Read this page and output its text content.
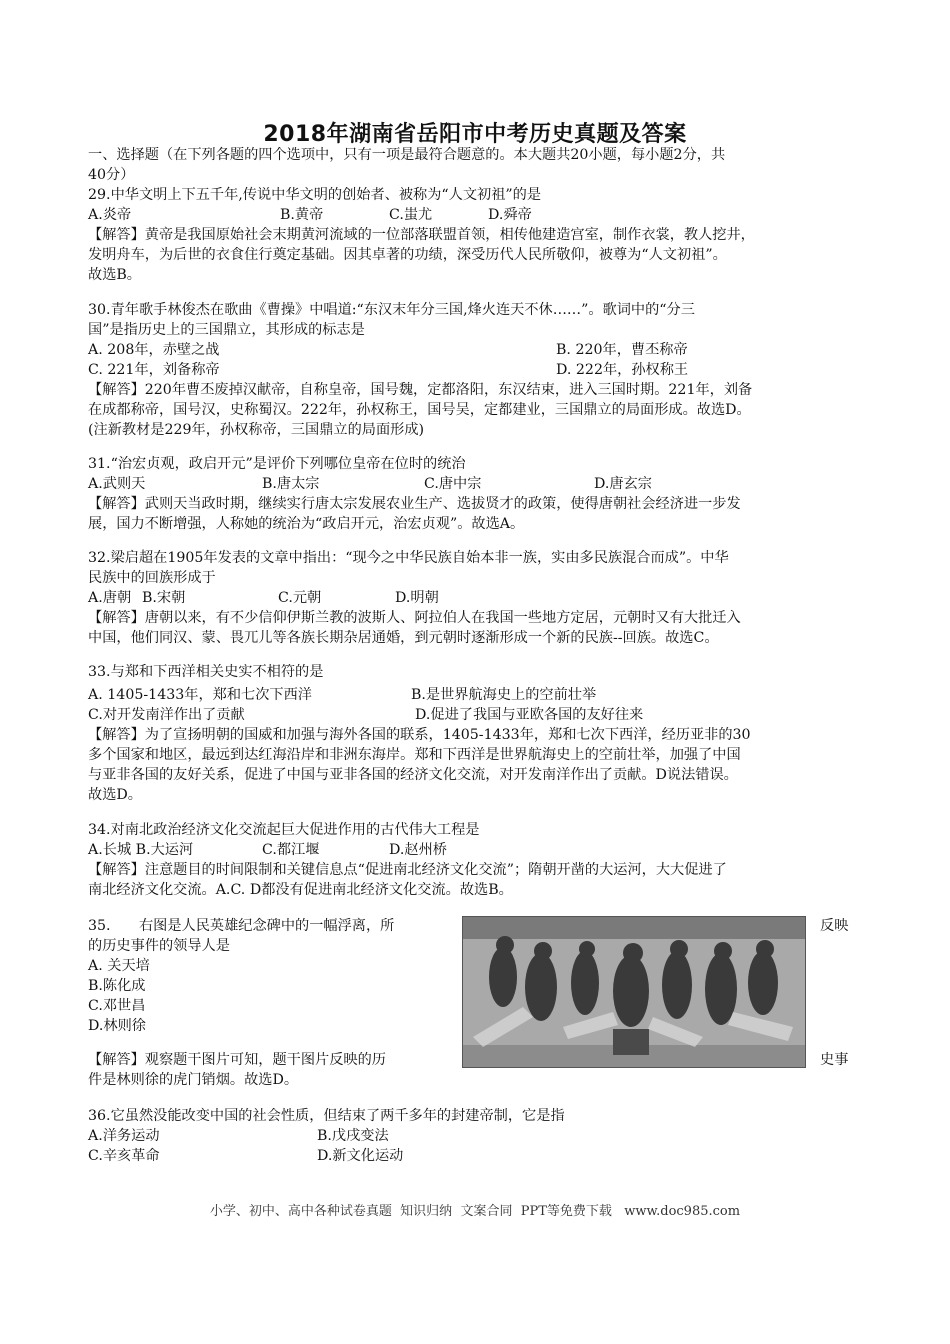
2018年湖南省岳阳市中考历史真题及答案
一、选择题（在下列各题的四个选项中，只有一项是最符合题意的。本大题共20小题，每小题2分，共
40分）
29.中华文明上下五千年,传说中华文明的创始者、被称为“人文初祖”的是
A.炎帝	B.黄帝	C.蚩尤	D.舜帝
【解答】黄帝是我国原始社会末期黄河流域的一位部落联盟首领，相传他建造宫室，制作衣裳，教人挖井，
发明舟车，为后世的衣食住行奠定基础。因其卓著的功绩，深受历代人民所敬仰，被尊为“人文初祖”。
故选B。
30.青年歌手林俊杰在歌曲《曹操》中唱道:“东汉末年分三国,烽火连天不休……”。歌词中的“分三
国”是指历史上的三国鼎立，其形成的标志是
A. 208年，赤壁之战	B. 220年，曹丕称帝
C. 221年，刘备称帝	D. 222年，孙权称王
【解答】220年曹丕废掉汉献帝，自称皇帝，国号魏，定都洛阳，东汉结束，进入三国时期。221年，刘备
在成都称帝，国号汉，史称蜀汉。222年，孙权称王，国号吴，定都建业，三国鼎立的局面形成。故选D。
(注新教材是229年，孙权称帝，三国鼎立的局面形成)
31.“治宏贞观，政启开元”是评价下列哪位皇帝在位时的统治
A.武则天	B.唐太宗	C.唐中宗	D.唐玄宗
【解答】武则天当政时期，继续实行唐太宗发展农业生产、选拔贤才的政策，使得唐朝社会经济进一步发
展，国力不断增强，人称她的统治为“政启开元，治宏贞观”。故选A。
32.梁启超在1905年发表的文章中指出：“现今之中华民族自始本非一族，实由多民族混合而成”。中华
民族中的回族形成于
A.唐朝 B.宋朝	C.元朝	D.明朝
【解答】唐朝以来，有不少信仰伊斯兰教的波斯人、阿拉伯人在我国一些地方定居，元朝时又有大批迁入
中国，他们同汉、蒙、畏兀儿等各族长期杂居通婚，到元朝时逐渐形成一个新的民族--回族。故选C。
33.与郑和下西洋相关史实不相符的是
A. 1405-1433年，郑和七次下西洋	B.是世界航海史上的空前壮举
C.对开发南洋作出了贡献	D.促进了我国与亚欧各国的友好往来
【解答】为了宣扬明朝的国威和加强与海外各国的联系，1405-1433年，郑和七次下西洋，经历亚非的30
多个国家和地区，最远到达红海沿岸和非洲东海岸。郑和下西洋是世界航海史上的空前壮举，加强了中国
与亚非各国的友好关系，促进了中国与亚非各国的经济文化交流，对开发南洋作出了贡献。D说法错误。
故选D。
34.对南北政治经济文化交流起巨大促进作用的古代伟大工程是
A.长城 B.大运河	C.都江堰	D.赵州桥
【解答】注意题目的时间限制和关键信息点“促进南北经济文化交流”；隋朝开凿的大运河，大大促进了
南北经济文化交流。A.C. D都没有促进南北经济文化交流。故选B。
35.　　右图是人民英雄纪念碑中的一幅浮离，所	反映
的历史事件的领导人是
A. 关天培
B.陈化成
C.邓世昌
D.林则徐
【解答】观察题干图片可知，题干图片反映的历	史事
件是林则徐的虎门销烟。故选D。
36.它虽然没能改变中国的社会性质，但结束了两千多年的封建帝制，它是指
A.洋务运动	B.戊戌变法
C.辛亥革命	D.新文化运动
小学、初中、高中各种试卷真题  知识归纳  文案合同  PPT等免费下载   www.doc985.com
